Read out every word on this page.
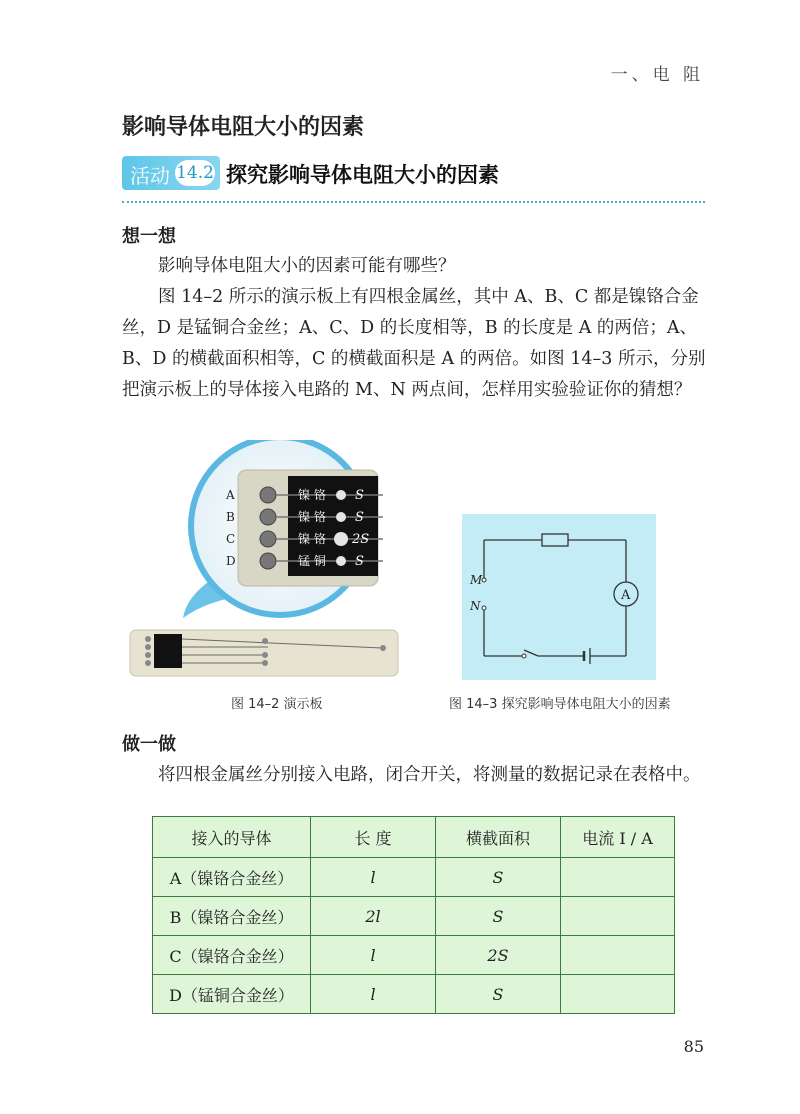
一、电 阻
影响导体电阻大小的因素
活动 14.2 探究影响导体电阻大小的因素
想一想
影响导体电阻大小的因素可能有哪些？
图 14–2 所示的演示板上有四根金属丝，其中 A、B、C 都是镍铬合金
丝，D 是锰铜合金丝；A、C、D 的长度相等，B 的长度是 A 的两倍；A、
B、D 的横截面积相等，C 的横截面积是 A 的两倍。如图 14–3 所示，分别
把演示板上的导体接入电路的 M、N 两点间，怎样用实验验证你的猜想？
镍 铬
镍 铬
镍 铬
锰 铜
S
S
2S
S
A
B
C
D
图 14–2 演示板
M
N
A
图 14–3 探究影响导体电阻大小的因素
做一做
将四根金属丝分别接入电路，闭合开关，将测量的数据记录在表格中。
接入的导体	长 度	横截面积	电流 I / A
A（镍铬合金丝）	l	S	
B（镍铬合金丝）	2l	S	
C（镍铬合金丝）	l	2S	
D（锰铜合金丝）	l	S	
85
